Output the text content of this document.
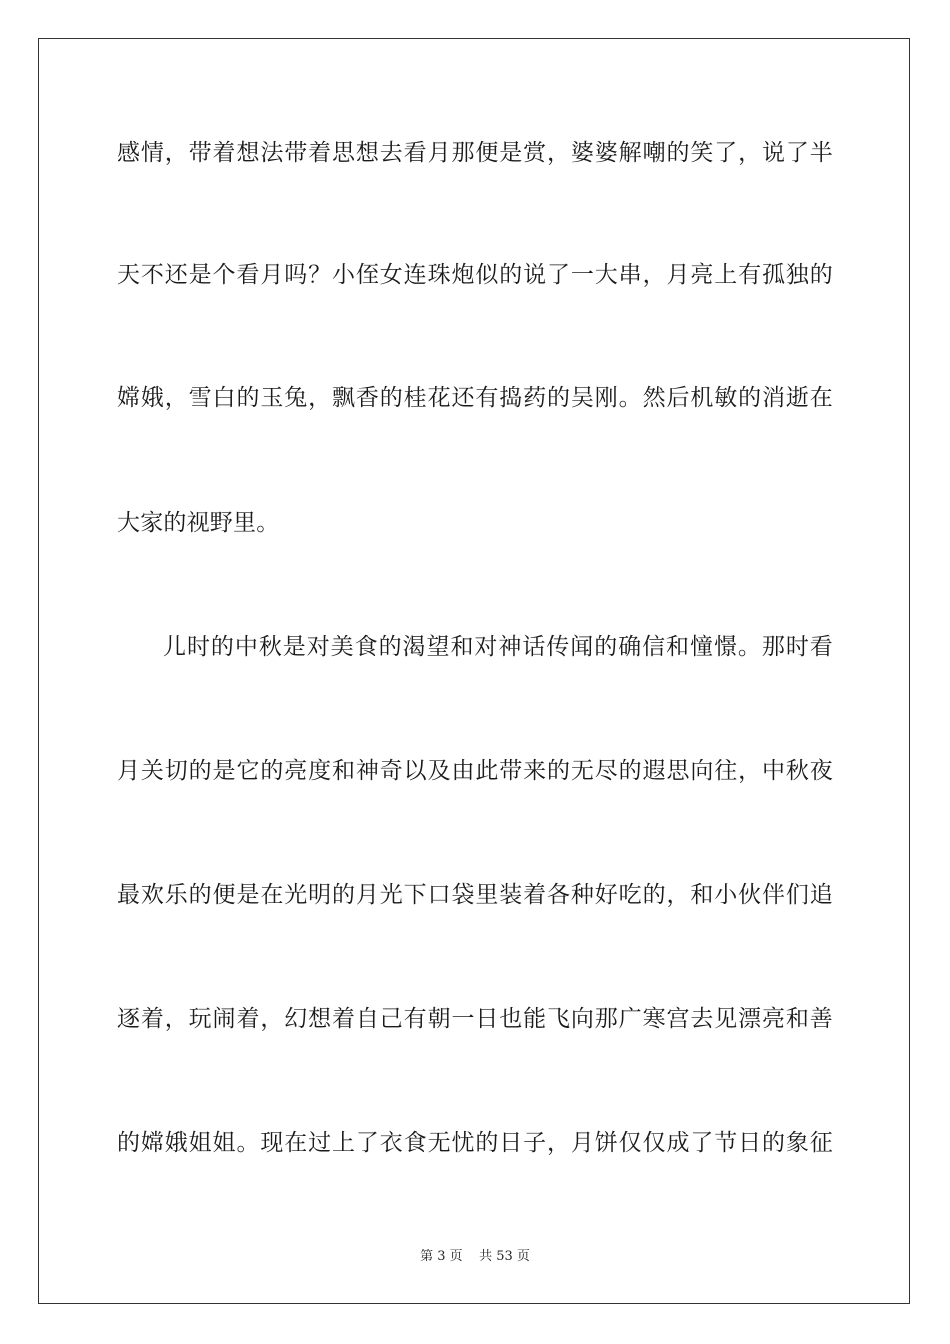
感情，带着想法带着思想去看月那便是赏，婆婆解嘲的笑了，说了半
天不还是个看月吗？小侄女连珠炮似的说了一大串，月亮上有孤独的
嫦娥，雪白的玉兔，飘香的桂花还有捣药的吴刚。然后机敏的消逝在
大家的视野里。
儿时的中秋是对美食的渴望和对神话传闻的确信和憧憬。那时看
月关切的是它的亮度和神奇以及由此带来的无尽的遐思向往，中秋夜
最欢乐的便是在光明的月光下口袋里装着各种好吃的，和小伙伴们追
逐着，玩闹着，幻想着自己有朝一日也能飞向那广寒宫去见漂亮和善
的嫦娥姐姐。现在过上了衣食无忧的日子，月饼仅仅成了节日的象征
第 3 页    共 53 页
